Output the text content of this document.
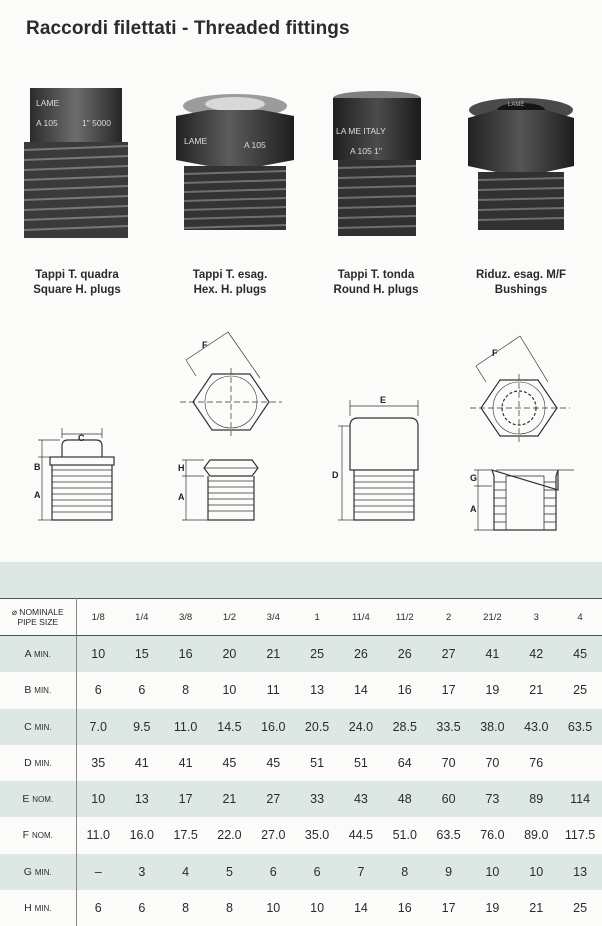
Raccordi filettati - Threaded fittings
LAME
A 105	1" 5000
LAME	A 105
LA ME ITALY
A 105 1"
LAME
Tappi T. quadra
Square H. plugs
Tappi T. esag.
Hex. H. plugs
Tappi T. tonda
Round H. plugs
Riduz. esag. M/F
Bushings
C
B
A
F
H
A
E
D
F
G
A
⌀ NOMINALE
PIPE SIZE	1/8	1/4	3/8	1/2	3/4	1	11/4	11/2	2	21/2	3	4
A MIN.	10	15	16	20	21	25	26	26	27	41	42	45
B MIN.	6	6	8	10	11	13	14	16	17	19	21	25
C MIN.	7.0	9.5	11.0	14.5	16.0	20.5	24.0	28.5	33.5	38.0	43.0	63.5
D MIN.	35	41	41	45	45	51	51	64	70	70	76	
E NOM.	10	13	17	21	27	33	43	48	60	73	89	114
F NOM.	11.0	16.0	17.5	22.0	27.0	35.0	44.5	51.0	63.5	76.0	89.0	117.5
G MIN.	–	3	4	5	6	6	7	8	9	10	10	13
H MIN.	6	6	8	8	10	10	14	16	17	19	21	25
